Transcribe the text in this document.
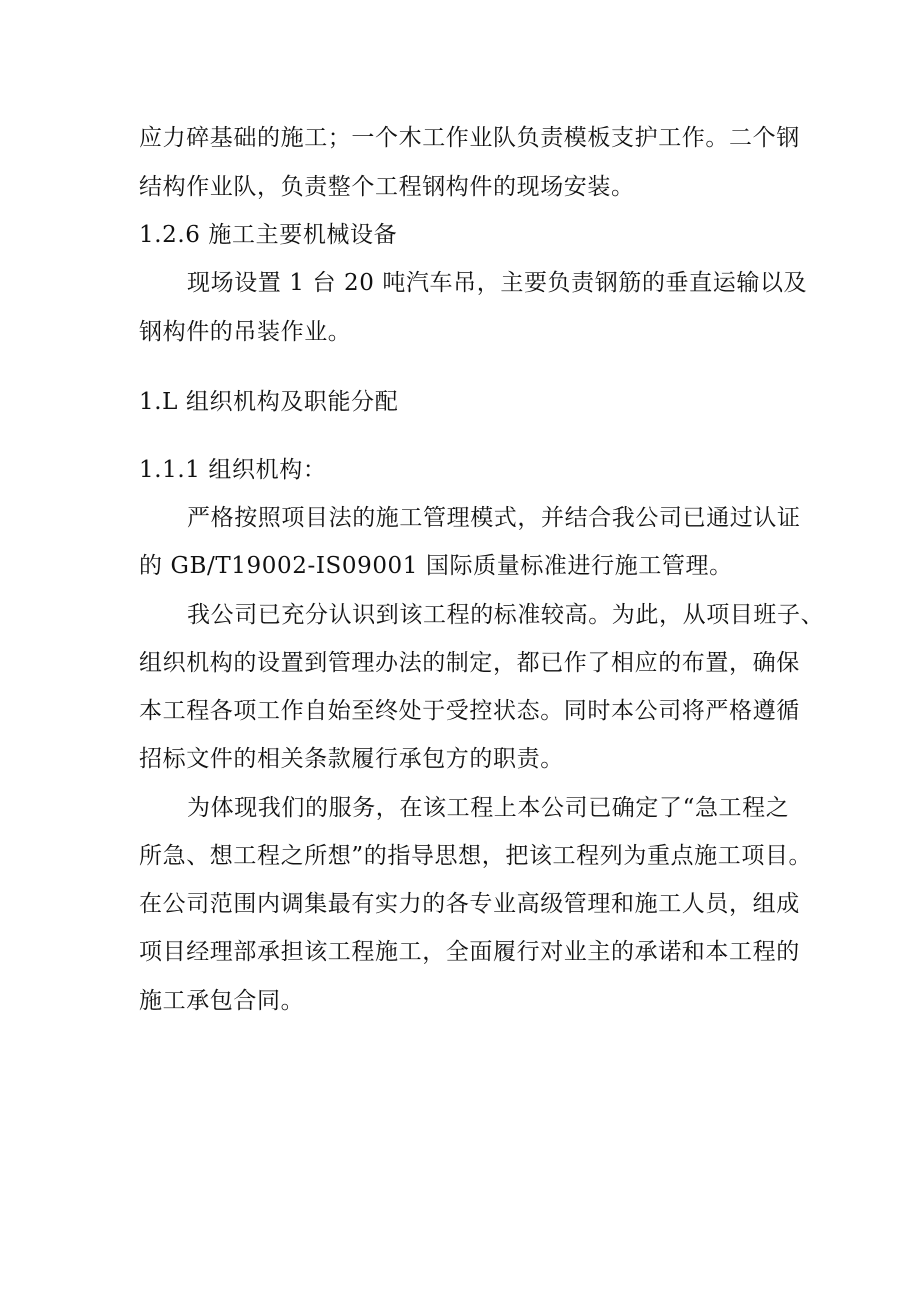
应力碎基础的施工；一个木工作业队负责模板支护工作。二个钢
结构作业队，负责整个工程钢构件的现场安装。
1.2.6 施工主要机械设备
现场设置 1 台 20 吨汽车吊，主要负责钢筋的垂直运输以及
钢构件的吊装作业。
1.L 组织机构及职能分配
1.1.1 组织机构：
严格按照项目法的施工管理模式，并结合我公司已通过认证
的 GB/T19002-IS09001 国际质量标准进行施工管理。
我公司已充分认识到该工程的标准较高。为此，从项目班子、
组织机构的设置到管理办法的制定，都已作了相应的布置，确保
本工程各项工作自始至终处于受控状态。同时本公司将严格遵循
招标文件的相关条款履行承包方的职责。
为体现我们的服务，在该工程上本公司已确定了“急工程之
所急、想工程之所想”的指导思想，把该工程列为重点施工项目。
在公司范围内调集最有实力的各专业高级管理和施工人员，组成
项目经理部承担该工程施工，全面履行对业主的承诺和本工程的
施工承包合同。
